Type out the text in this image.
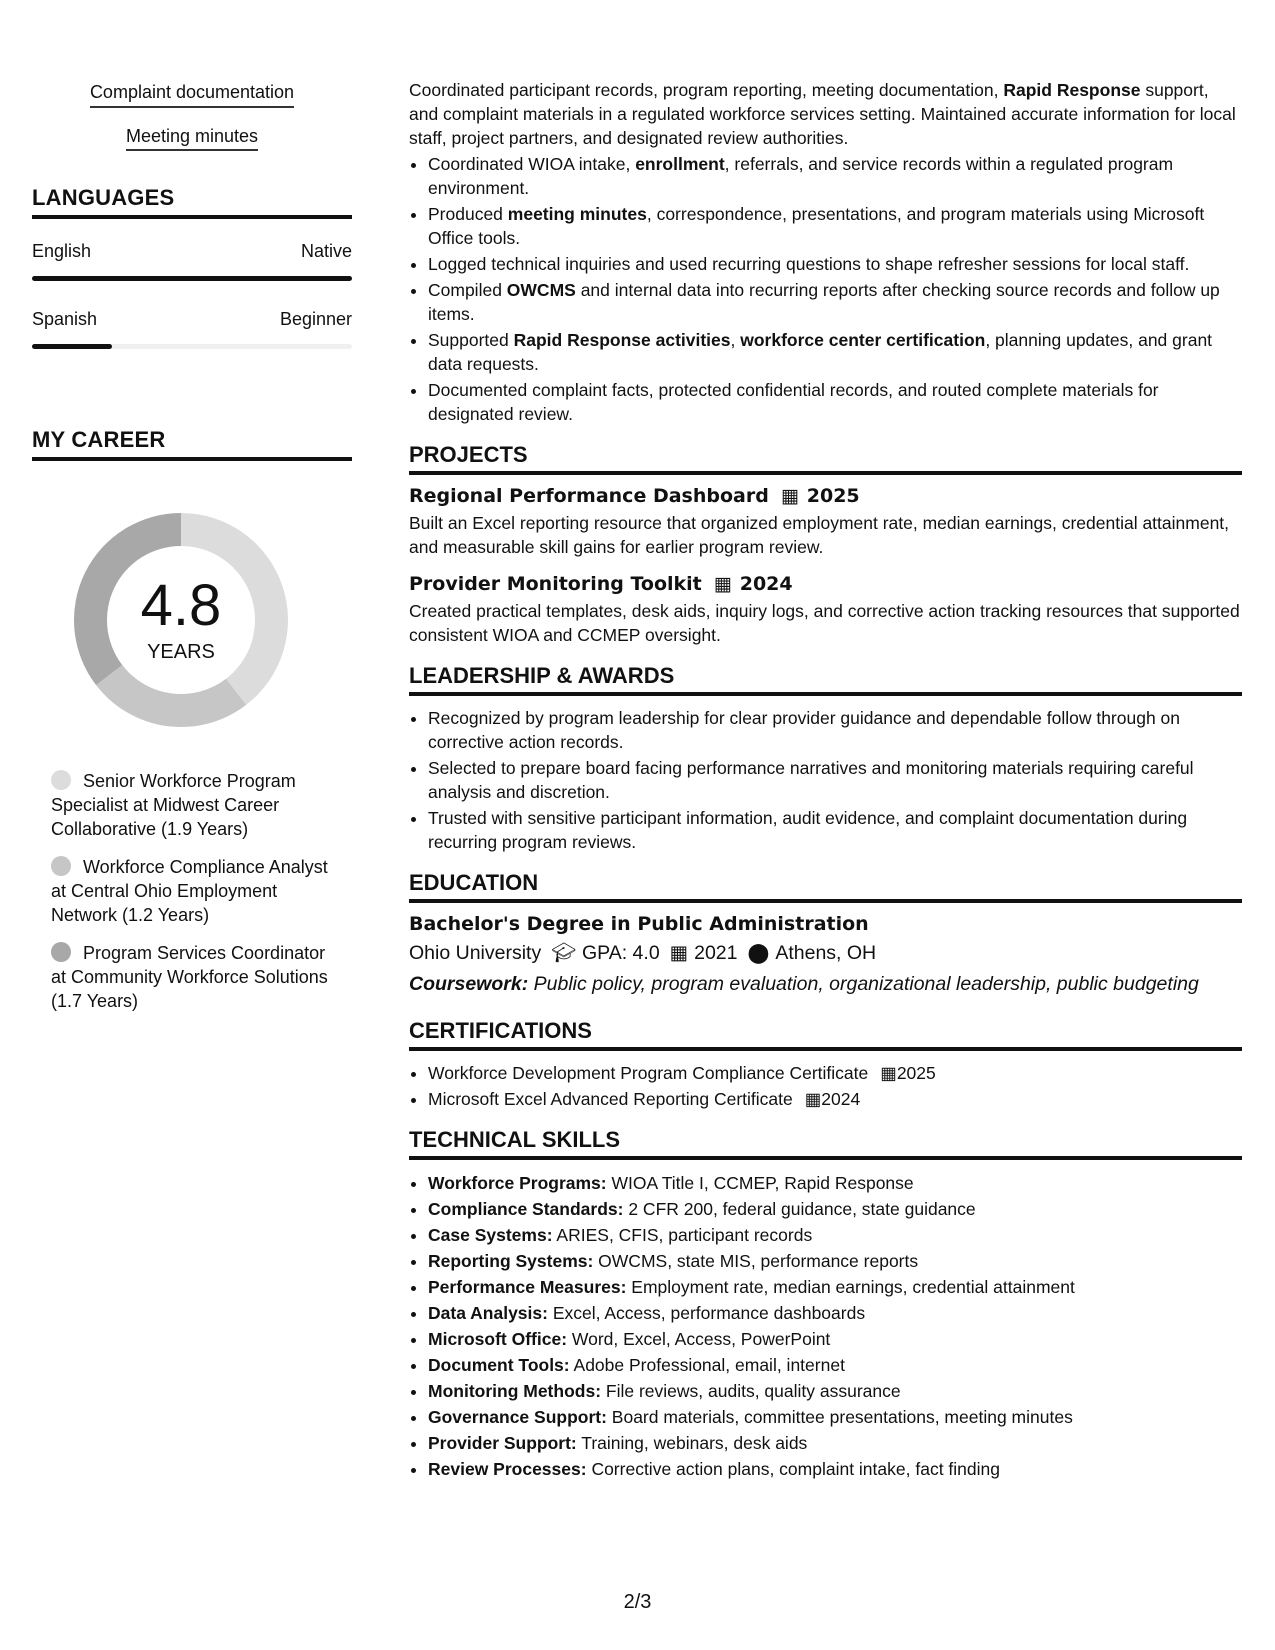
Complaint documentation
Meeting minutes
LANGUAGES
English	Native
Spanish	Beginner
MY CAREER
4.8
YEARS
Senior Workforce Program Specialist at Midwest Career Collaborative (1.9 Years)
Workforce Compliance Analyst at Central Ohio Employment Network (1.2 Years)
Program Services Coordinator at Community Workforce Solutions (1.7 Years)

Coordinated participant records, program reporting, meeting documentation, Rapid Response support, and complaint materials in a regulated workforce services setting. Maintained accurate information for local staff, project partners, and designated review authorities.

• Coordinated WIOA intake, enrollment, referrals, and service records within a regulated program environment.
• Produced meeting minutes, correspondence, presentations, and program materials using Microsoft Office tools.
• Logged technical inquiries and used recurring questions to shape refresher sessions for local staff.
• Compiled OWCMS and internal data into recurring reports after checking source records and follow up items.
• Supported Rapid Response activities, workforce center certification, planning updates, and grant data requests.
• Documented complaint facts, protected confidential records, and routed complete materials for designated review.
PROJECTS
Regional Performance Dashboard ▦ 2025

Built an Excel reporting resource that organized employment rate, median earnings, credential attainment, and measurable skill gains for earlier program review.

Provider Monitoring Toolkit ▦ 2024

Created practical templates, desk aids, inquiry logs, and corrective action tracking resources that supported consistent WIOA and CCMEP oversight.

LEADERSHIP & AWARDS
• Recognized by program leadership for clear provider guidance and dependable follow through on corrective action records.
• Selected to prepare board facing performance narratives and monitoring materials requiring careful analysis and discretion.
• Trusted with sensitive participant information, audit evidence, and complaint documentation during recurring program reviews.
EDUCATION
Bachelor's Degree in Public Administration
Ohio University 🎓︎ GPA: 4.0 ▦ 2021 ⬤ Athens, OH

Coursework: Public policy, program evaluation, organizational leadership, public budgeting

CERTIFICATIONS
• Workforce Development Program Compliance Certificate ▦2025
• Microsoft Excel Advanced Reporting Certificate ▦2024
TECHNICAL SKILLS
• Workforce Programs: WIOA Title I, CCMEP, Rapid Response
• Compliance Standards: 2 CFR 200, federal guidance, state guidance
• Case Systems: ARIES, CFIS, participant records
• Reporting Systems: OWCMS, state MIS, performance reports
• Performance Measures: Employment rate, median earnings, credential attainment
• Data Analysis: Excel, Access, performance dashboards
• Microsoft Office: Word, Excel, Access, PowerPoint
• Document Tools: Adobe Professional, email, internet
• Monitoring Methods: File reviews, audits, quality assurance
• Governance Support: Board materials, committee presentations, meeting minutes
• Provider Support: Training, webinars, desk aids
• Review Processes: Corrective action plans, complaint intake, fact finding
2/3
